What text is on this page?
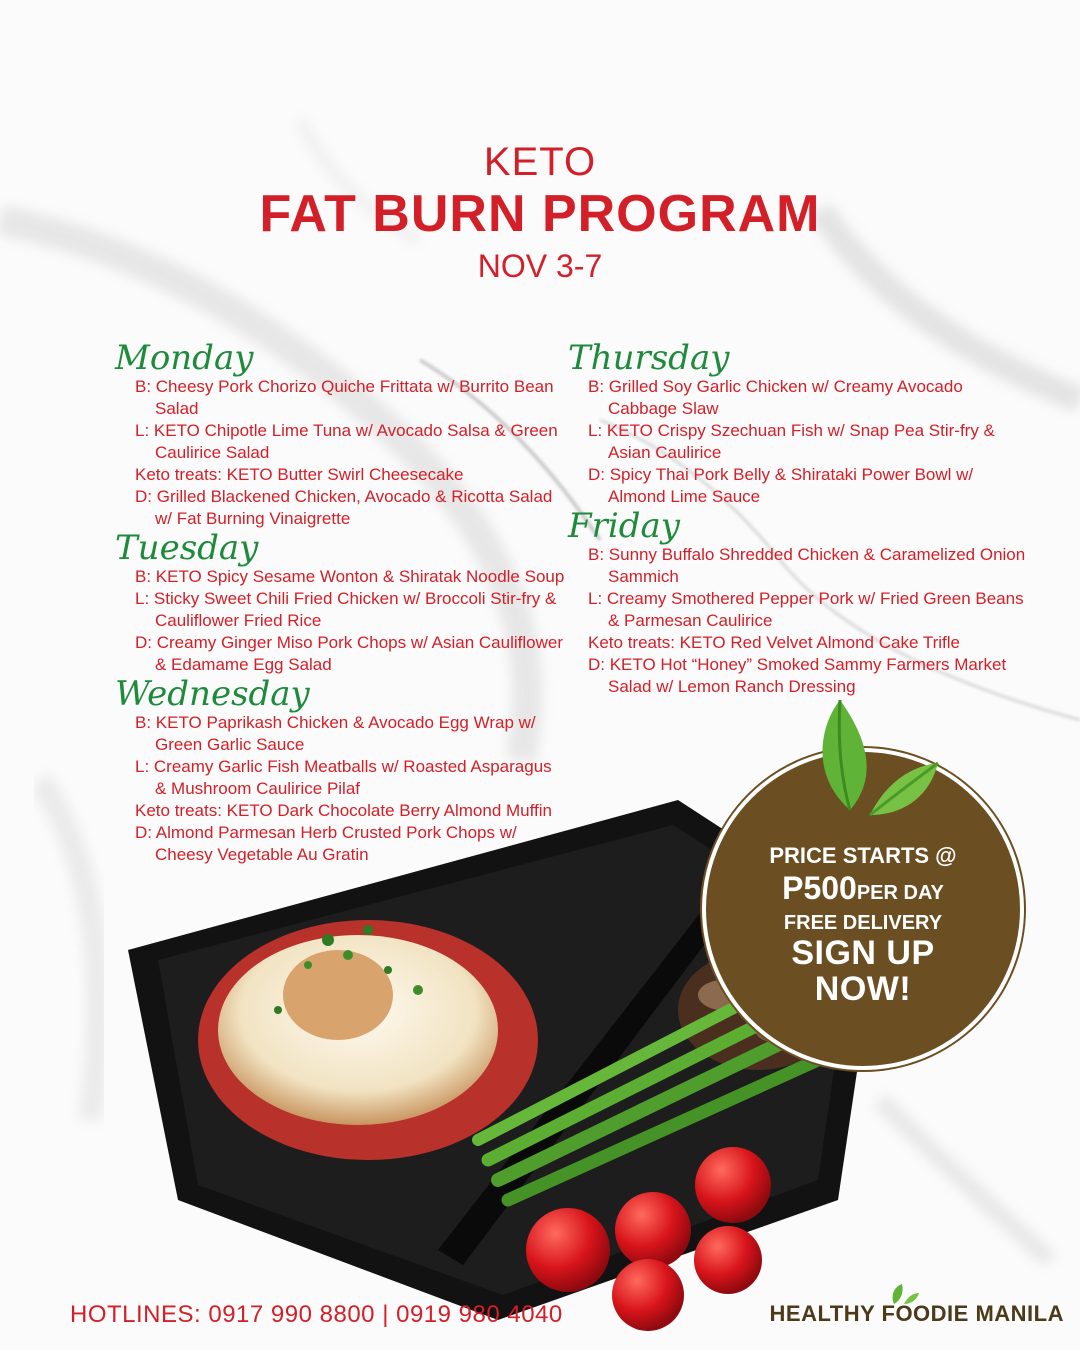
KETO
FAT BURN PROGRAM
NOV 3-7
Monday
B: Cheesy Pork Chorizo Quiche Frittata w/ Burrito Bean Salad
L: KETO Chipotle Lime Tuna w/ Avocado Salsa & Green Caulirice Salad
Keto treats: KETO Butter Swirl Cheesecake
D: Grilled Blackened Chicken, Avocado & Ricotta Salad w/ Fat Burning Vinaigrette
Tuesday
B: KETO Spicy Sesame Wonton & Shiratak Noodle Soup
L: Sticky Sweet Chili Fried Chicken w/ Broccoli Stir-fry & Cauliflower Fried Rice
D: Creamy Ginger Miso Pork Chops w/ Asian Cauliflower & Edamame Egg Salad
Wednesday
B: KETO Paprikash Chicken & Avocado Egg Wrap w/ Green Garlic Sauce
L: Creamy Garlic Fish Meatballs w/ Roasted Asparagus & Mushroom Caulirice Pilaf
Keto treats: KETO Dark Chocolate Berry Almond Muffin
D: Almond Parmesan Herb Crusted Pork Chops w/ Cheesy Vegetable Au Gratin
Thursday
B: Grilled Soy Garlic Chicken w/ Creamy Avocado Cabbage Slaw
L: KETO Crispy Szechuan Fish w/ Snap Pea Stir-fry & Asian Caulirice
D: Spicy Thai Pork Belly & Shirataki Power Bowl w/ Almond Lime Sauce
Friday
B: Sunny Buffalo Shredded Chicken & Caramelized Onion Sammich
L: Creamy Smothered Pepper Pork w/ Fried Green Beans & Parmesan Caulirice
Keto treats: KETO Red Velvet Almond Cake Trifle
D: KETO Hot “Honey” Smoked Sammy Farmers Market Salad w/ Lemon Ranch Dressing
PRICE STARTS @
P500PER DAY
FREE DELIVERY
SIGN UP
NOW!
HOTLINES: 0917 990 8800 | 0919 980 4040	HEALTHY FOODIE MANILA
